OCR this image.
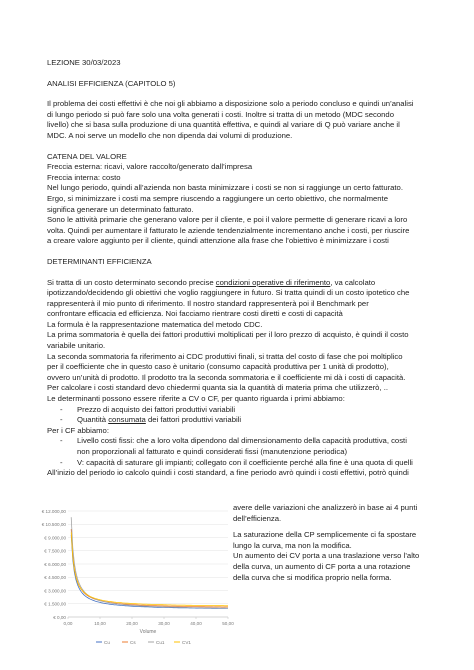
LEZIONE 30/03/2023
ANALISI EFFICIENZA (CAPITOLO 5)
Il problema dei costi effettivi è che noi gli abbiamo a disposizione solo a periodo concluso e quindi un’analisi
di lungo periodo si può fare solo una volta generati i costi. Inoltre si tratta di un metodo (MDC secondo
livello) che si basa sulla produzione di una quantità effettiva, e quindi al variare di Q può variare anche il
MDC. A noi serve un modello che non dipenda dai volumi di produzione.
CATENA DEL VALORE
Freccia esterna: ricavi, valore raccolto/generato dall’impresa
Freccia interna: costo
Nel lungo periodo, quindi all’azienda non basta minimizzare i costi se non si raggiunge un certo fatturato.
Ergo, si minimizzare i costi ma sempre riuscendo a raggiungere un certo obiettivo, che normalmente
significa generare un determinato fatturato.
Sono le attività primarie che generano valore per il cliente, e poi il valore permette di generare ricavi a loro
volta. Quindi per aumentare il fatturato le aziende tendenzialmente incrementano anche i costi, per riuscire
a creare valore aggiunto per il cliente, quindi attenzione alla frase che l’obiettivo è minimizzare i costi
DETERMINANTI EFFICIENZA
Si tratta di un costo determinato secondo precise condizioni operative di riferimento, va calcolato
ipotizzando/decidendo gli obiettivi che voglio raggiungere in futuro. Si tratta quindi di un costo ipotetico che
rappresenterà il mio punto di riferimento. Il nostro standard rappresenterà poi il Benchmark per
confrontare efficacia ed efficienza. Noi facciamo rientrare costi diretti e costi di capacità
La formula è la rappresentazione matematica del metodo CDC.
La prima sommatoria è quella dei fattori produttivi moltiplicati per il loro prezzo di acquisto, è quindi il costo
variabile unitario.
La seconda sommatoria fa riferimento ai CDC produttivi finali, si tratta del costo di fase che poi moltiplico
per il coefficiente che in questo caso è unitario (consumo capacità produttiva per 1 unità di prodotto),
ovvero un’unità di prodotto. Il prodotto tra la seconda sommatoria e il coefficiente mi dà i costi di capacità.
Per calcolare i costi standard devo chiedermi quanta sia la quantità di materia prima che utilizzerò, ..
Le determinanti possono essere riferite a CV o CF, per quanto riguarda i primi abbiamo:
- Prezzo di acquisto dei fattori produttivi variabili
- Quantità consumata dei fattori produttivi variabili
Per i CF abbiamo:
- Livello costi fissi: che a loro volta dipendono dal dimensionamento della capacità produttiva, costi
non proporzionali al fatturato e quindi considerati fissi (manutenzione periodica)
- V: capacità di saturare gli impianti; collegato con il coefficiente perché alla fine è una quota di quelli
All’inizio del periodo io calcolo quindi i costi standard, a fine periodo avrò quindi i costi effettivi, potrò quindi
€ 0,00
€ 1.500,00
€ 3.000,00
€ 4.500,00
€ 6.000,00
€ 7.500,00
€ 9.000,00
€ 10.500,00
€ 12.000,00
0,00	10,00	20,00	30,00	40,00	50,00
Volume
Cu	Cs	Cu1	CV1
avere delle variazioni che analizzerò in base ai 4 punti
dell’efficienza.
La saturazione della CP semplicemente ci fa spostare
lungo la curva, ma non la modifica.
Un aumento dei CV porta a una traslazione verso l’alto
della curva, un aumento di CF porta a una rotazione
della curva che si modifica proprio nella forma.
